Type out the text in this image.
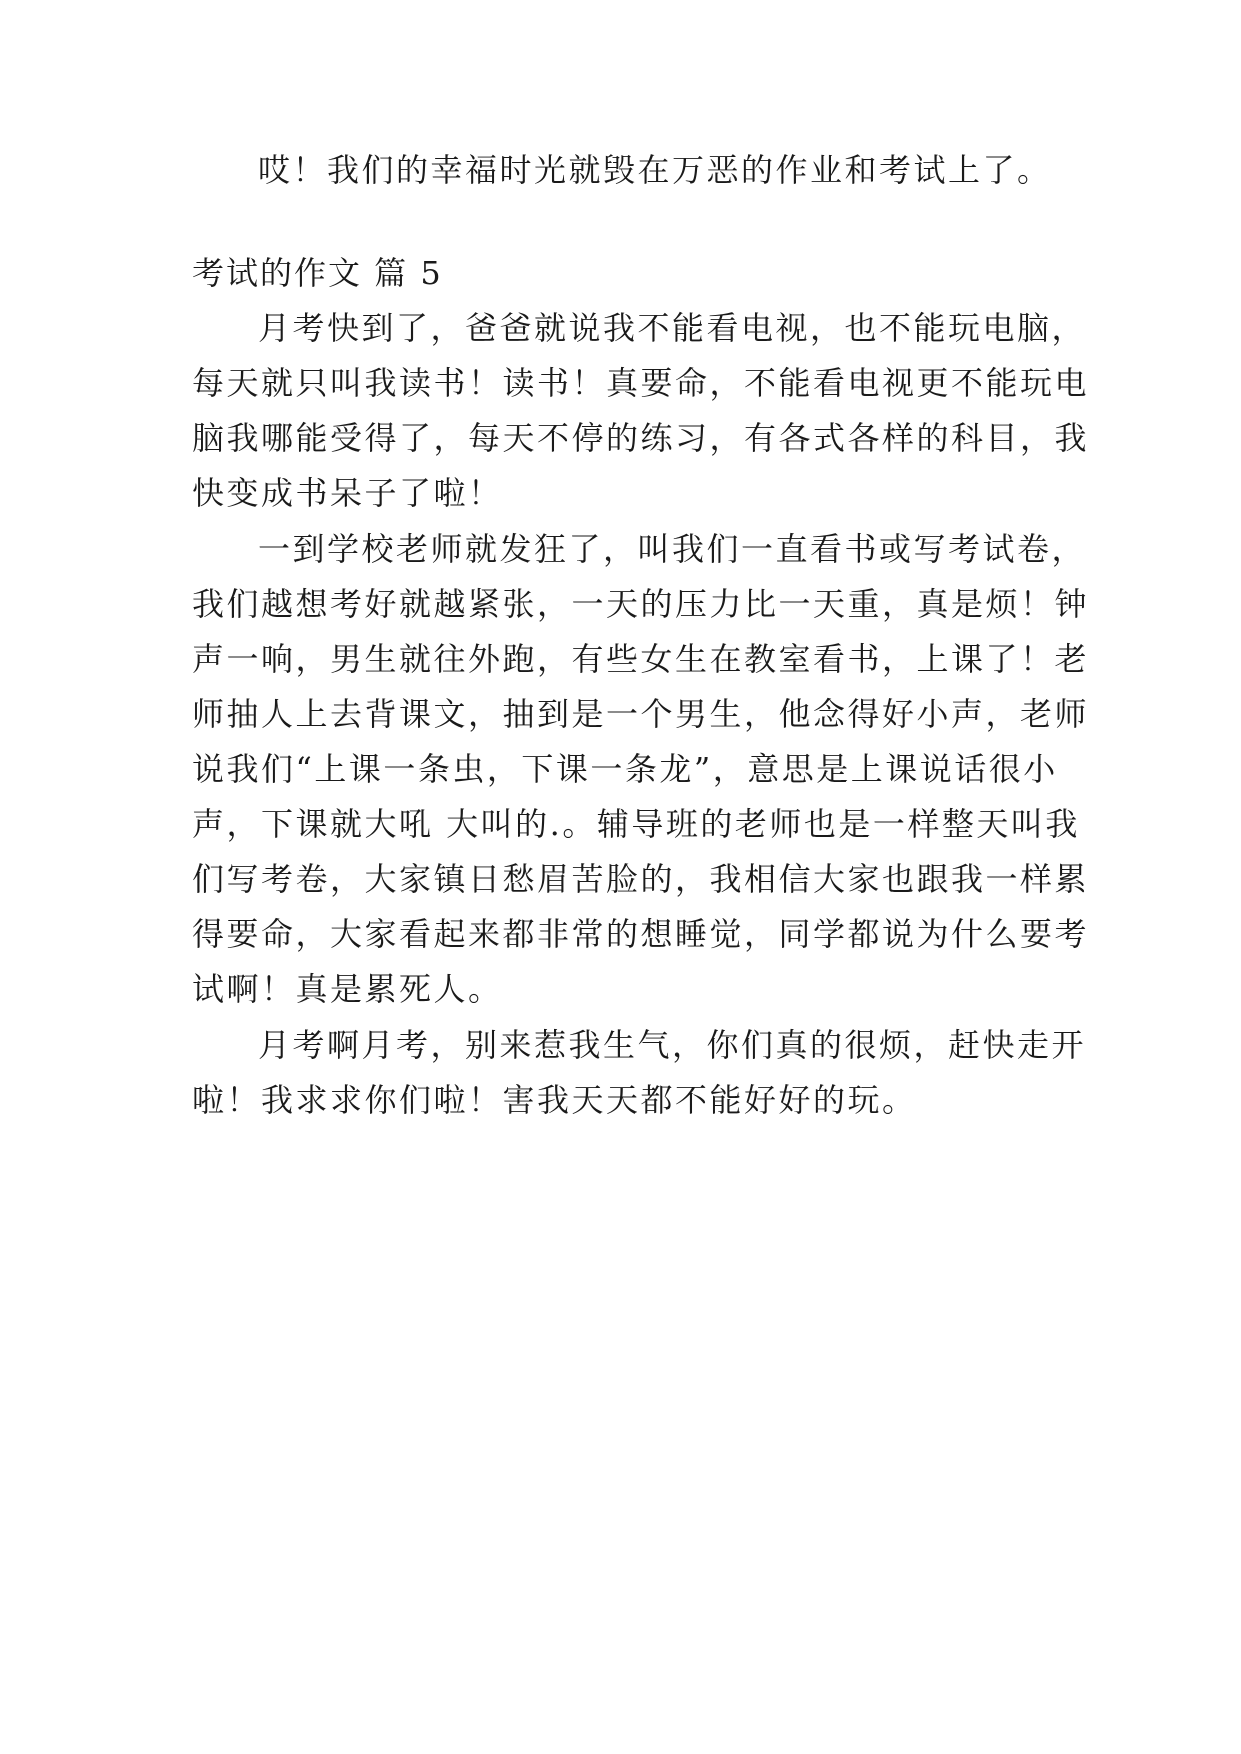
哎！我们的幸福时光就毁在万恶的作业和考试上了。
考试的作文 篇 5
月考快到了，爸爸就说我不能看电视，也不能玩电脑，
每天就只叫我读书！读书！真要命，不能看电视更不能玩电
脑我哪能受得了，每天不停的练习，有各式各样的科目，我
快变成书呆子了啦！
一到学校老师就发狂了，叫我们一直看书或写考试卷，
我们越想考好就越紧张，一天的压力比一天重，真是烦！钟
声一响，男生就往外跑，有些女生在教室看书，上课了！老
师抽人上去背课文，抽到是一个男生，他念得好小声，老师
说我们“上课一条虫，下课一条龙”，意思是上课说话很小
声，下课就大吼 大叫的.。辅导班的老师也是一样整天叫我
们写考卷，大家镇日愁眉苦脸的，我相信大家也跟我一样累
得要命，大家看起来都非常的想睡觉，同学都说为什么要考
试啊！真是累死人。
月考啊月考，别来惹我生气，你们真的很烦，赶快走开
啦！我求求你们啦！害我天天都不能好好的玩。
